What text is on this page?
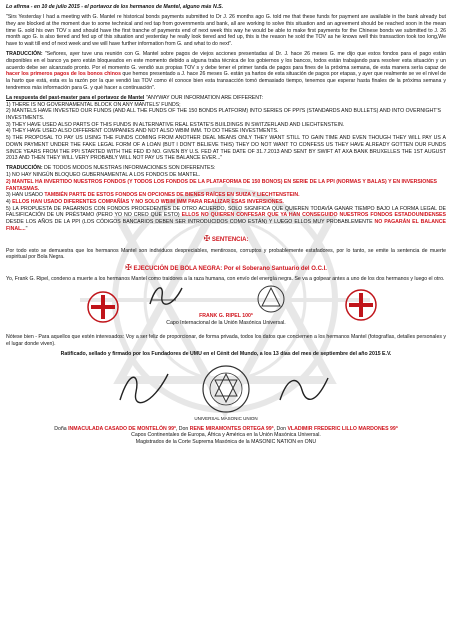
Lo afirma - en 10 de julio 2015 - el portavoz de los hermanos de Mantel, alguno más N.S.

"Sirs Yesterday I had a meeting with G. Mantel re historical bonds payments submitted to Dr J. 26 months ago G. told me that these funds for payment are available in the bank already but they are blocked at the moment due to some technical and red tap from governments and bank, all are working to solve this situation and an agreement should be reached soon in the mean time G. sold his own TOV s and should have the first tranche of payments end of next week this way he would be able to make first payments for the Chinese bonds we submitted to J. 26 month ago G. is also tiered and fed up of this situation and yesterday he really look tiered and fed up, this is the reason he sold the TOV as he knows well this transaction took too long,We have to wait till end of next week and we will have further information from G. and what to do next".

TRADUCCIÓN: "Señores, ayer tuve una reunión con G. Mantel sobre pagos de viejos acciones presentadas al Dr. J. hace 26 meses G. me dijo que estos fondos para el pago están disponibles en el banco ya pero están bloqueados en este momento debido a alguna traba técnica de los gobiernos y los bancos, todos están trabajando para resolver esta situación y un acuerdo debe ser alcanzado pronto. Por el momento G. vendió sus propias TOV s y debe tener el primer tanda de pagos para fines de la próxima semana, de esta manera sería capaz de hacer los primeros pagos de los bonos chinos que hemos presentado a J. hace 26 meses G. están ya hartos de esta situación de pagos por etapas, y ayer que realmente se ve el nivel de la harto que está, esta es la razón por la que vendió las TOV como él conoce bien esta transacción tomó demasiado tiempo, tenemos que esperar hasta finales de la próxima semana y tendremos más información para G. y qué hacer a continuación".

La respuesta del past-master para el portavoz de Mantel "ANYWAY OUR INFORMATION ARE DIFFERENT:
1) THERE IS NO GOVERNAMENTAL BLOCK ON ANY MANTELS' FUNDS;
2) MANTELS HAVE INVESTED OUR FUNDS (AND ALL THE FUNDS OF THE 150 BONDS PLATFORM) INTO SERIES OF PPI'S (STANDARDS AND BULLETS) AND INTO OVERNIGHT'S INVESTMENTS.
3) THEY HAVE USED ALSO PARTS OF THIS FUNDS IN ALTERNATIVE REAL ESTATE'S BUILDINGS IN SWITZERLAND AND LIECHTENSTEIN.
4) THEY HAVE USED ALSO DIFFERENT COMPANIES AND NOT ALSO WBIM IMM. TO DO THESE INVESTMENTS.
5) THE PROPOSAL TO PAY US USING THE FUNDS COMING FROM ANOTHER DEAL MEANS ONLY THEY WANT STILL TO GAIN TIME AND EVEN THOUGH THEY WILL PAY US A DOWN PAYMENT UNDER THE FAKE LEGAL FORM OF A LOAN (BUT I DON'T BELIEVE THIS) THEY DO NOT WANT TO CONFESS US THEY HAVE ALREADY GOTTEN OUR FUNDS SINCE YEARS FROM THE PPI STARTED WITH THE FED ID NO. GIVEN BY U.S. FED AT THE DATE OF 31.7.2013 AND SENT BY SWIFT AT AXA BANK BRUXELLES THE 1ST AUGUST 2013 AND THEN THEY WILL VERY PROBABLY WILL NOT PAY US THE BALANCE EVER..."
TRADUCCIÓN: DE TODOS MODOS NUESTRAS INFORMACIONES SON DIFERENTES:
1) NO HAY NINGÚN BLOQUEO GUBERNAMENTAL A LOS FONDOS DE MANTEL.
2) MANTEL HA INVERTIDO NUESTROS FONDOS (Y TODOS LOS FONDOS DE LA PLATAFORMA DE 150 BONOS) EN SERIE DE LA PPI (NORMAS Y BALAS) Y EN INVERSIONES FANTASMAS.
3) HAN USADO TAMBIÉN PARTE DE ESTOS FONDOS EN OPCIONES DE BIENES RAÍCES EN SUIZA Y LIECHTENSTEIN.
4) ELLOS HAN USADO DIFERENTES COMPAÑÍAS Y NO SOLO WBIM IMM PARA REALIZAR ESAS INVERSIONES.
5) LA PROPUESTA DE PAGARNOS CON FONDOS PROCEDENTES DE OTRO ACUERDO, SOLO SIGNIFICA QUE QUIEREN TODAVÍA GANAR TIEMPO BAJO LA FORMA LEGAL DE FALSIFICACIÓN DE UN PRÉSTAMO (PERO YO NO CREO QUE ESTO) ELLOS NO QUIEREN CONFESAR QUE YA HAN CONSEGUIDO NUESTROS FONDOS ESTADOUNIDENSES DESDE LOS AÑOS DE LA PPI (LOS CÓDIGOS BANCARIOS DEBEN SER INTRODUCIDOS COMO ESTÁN) Y LUEGO ELLOS MUY PROBABLEMENTE NO PAGARÁN EL BALANCE FINAL..."
✠ SENTENCIA:

Por todo esto se demuestra que los hermanos Mantel son individuos despreciables, mentirosos, corruptos y probablemente estafadores, por lo tanto, se emite la sentencia de muerte espiritual por Bola Negra.

✠ EJECUCIÓN DE BOLA NEGRA: Por el Soberano Santuario del O.C.I.

Yo, Frank G. Ripel, condeno a muerte a los hermanos Mantel como traidores a la raza humana, con envío del energía negra. Se va a golpear antes a uno de los dos hermanos y luego el otro.

FRANK G. RIPEL 100ª
Capo Internacional de la Unión Masónica Universal.

Nótese bien - Para aquellos que estén interesados: Voy a ser feliz de proporcionar, de forma privada, todos los datos que conciernen a los hermanos Mantel (fotografías, detalles personales y el lugar donde viven).

Ratificado, sellado y firmado por los Fundadores de UMU en el Cénit del Mundo, a los 13 días del mes de septiembre del año 2015 E.V.

UNIVERSAL MASONIC UNION
Doña INMACULADA CASADO DE MONTELÓN 99ª, Don RENE MIRAMONTES ORTEGA 99ª, Don VLADIMIR FREDERIC LILLO MARDONES 99ª
Capos Continentales de Europa, África y América en la Unión Masónica Universal.
Magistrados de la Corte Suprema Masónica de la MASONIC NATION en ONU
